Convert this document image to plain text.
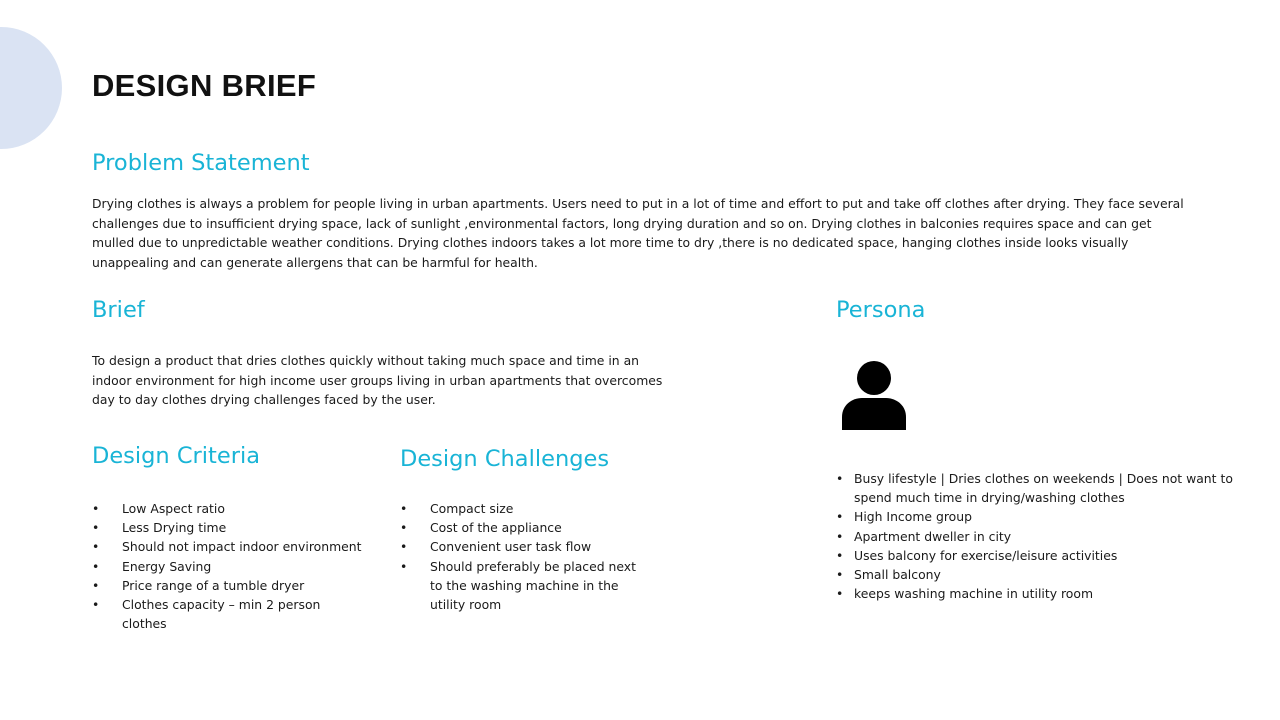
DESIGN BRIEF
Problem Statement

Drying clothes is always a problem for people living in urban apartments. Users need to put in a lot of time and effort to put and take off clothes after drying. They face several challenges due to insufficient drying space, lack of sunlight ,environmental factors, long drying duration and so on. Drying clothes in balconies requires space and can get mulled due to unpredictable weather conditions. Drying clothes indoors takes a lot more time to dry ,there is no dedicated space, hanging clothes inside looks visually unappealing and can generate allergens that can be harmful for health.

Brief

To design a product that dries clothes quickly without taking much space and time in an indoor environment for high income user groups living in urban apartments that overcomes day to day clothes drying challenges faced by the user.

Design Criteria
• Low Aspect ratio
• Less Drying time
• Should not impact indoor environment
• Energy Saving
• Price range of a tumble dryer
• Clothes capacity – min 2 person clothes
Design Challenges
• Compact size
• Cost of the appliance
• Convenient user task flow
• Should preferably be placed next to the washing machine in the utility room
Persona
• Busy lifestyle | Dries clothes on weekends | Does not want to spend much time in drying/washing clothes
• High Income group
• Apartment dweller in city
• Uses balcony for exercise/leisure activities
• Small balcony
• keeps washing machine in utility room
